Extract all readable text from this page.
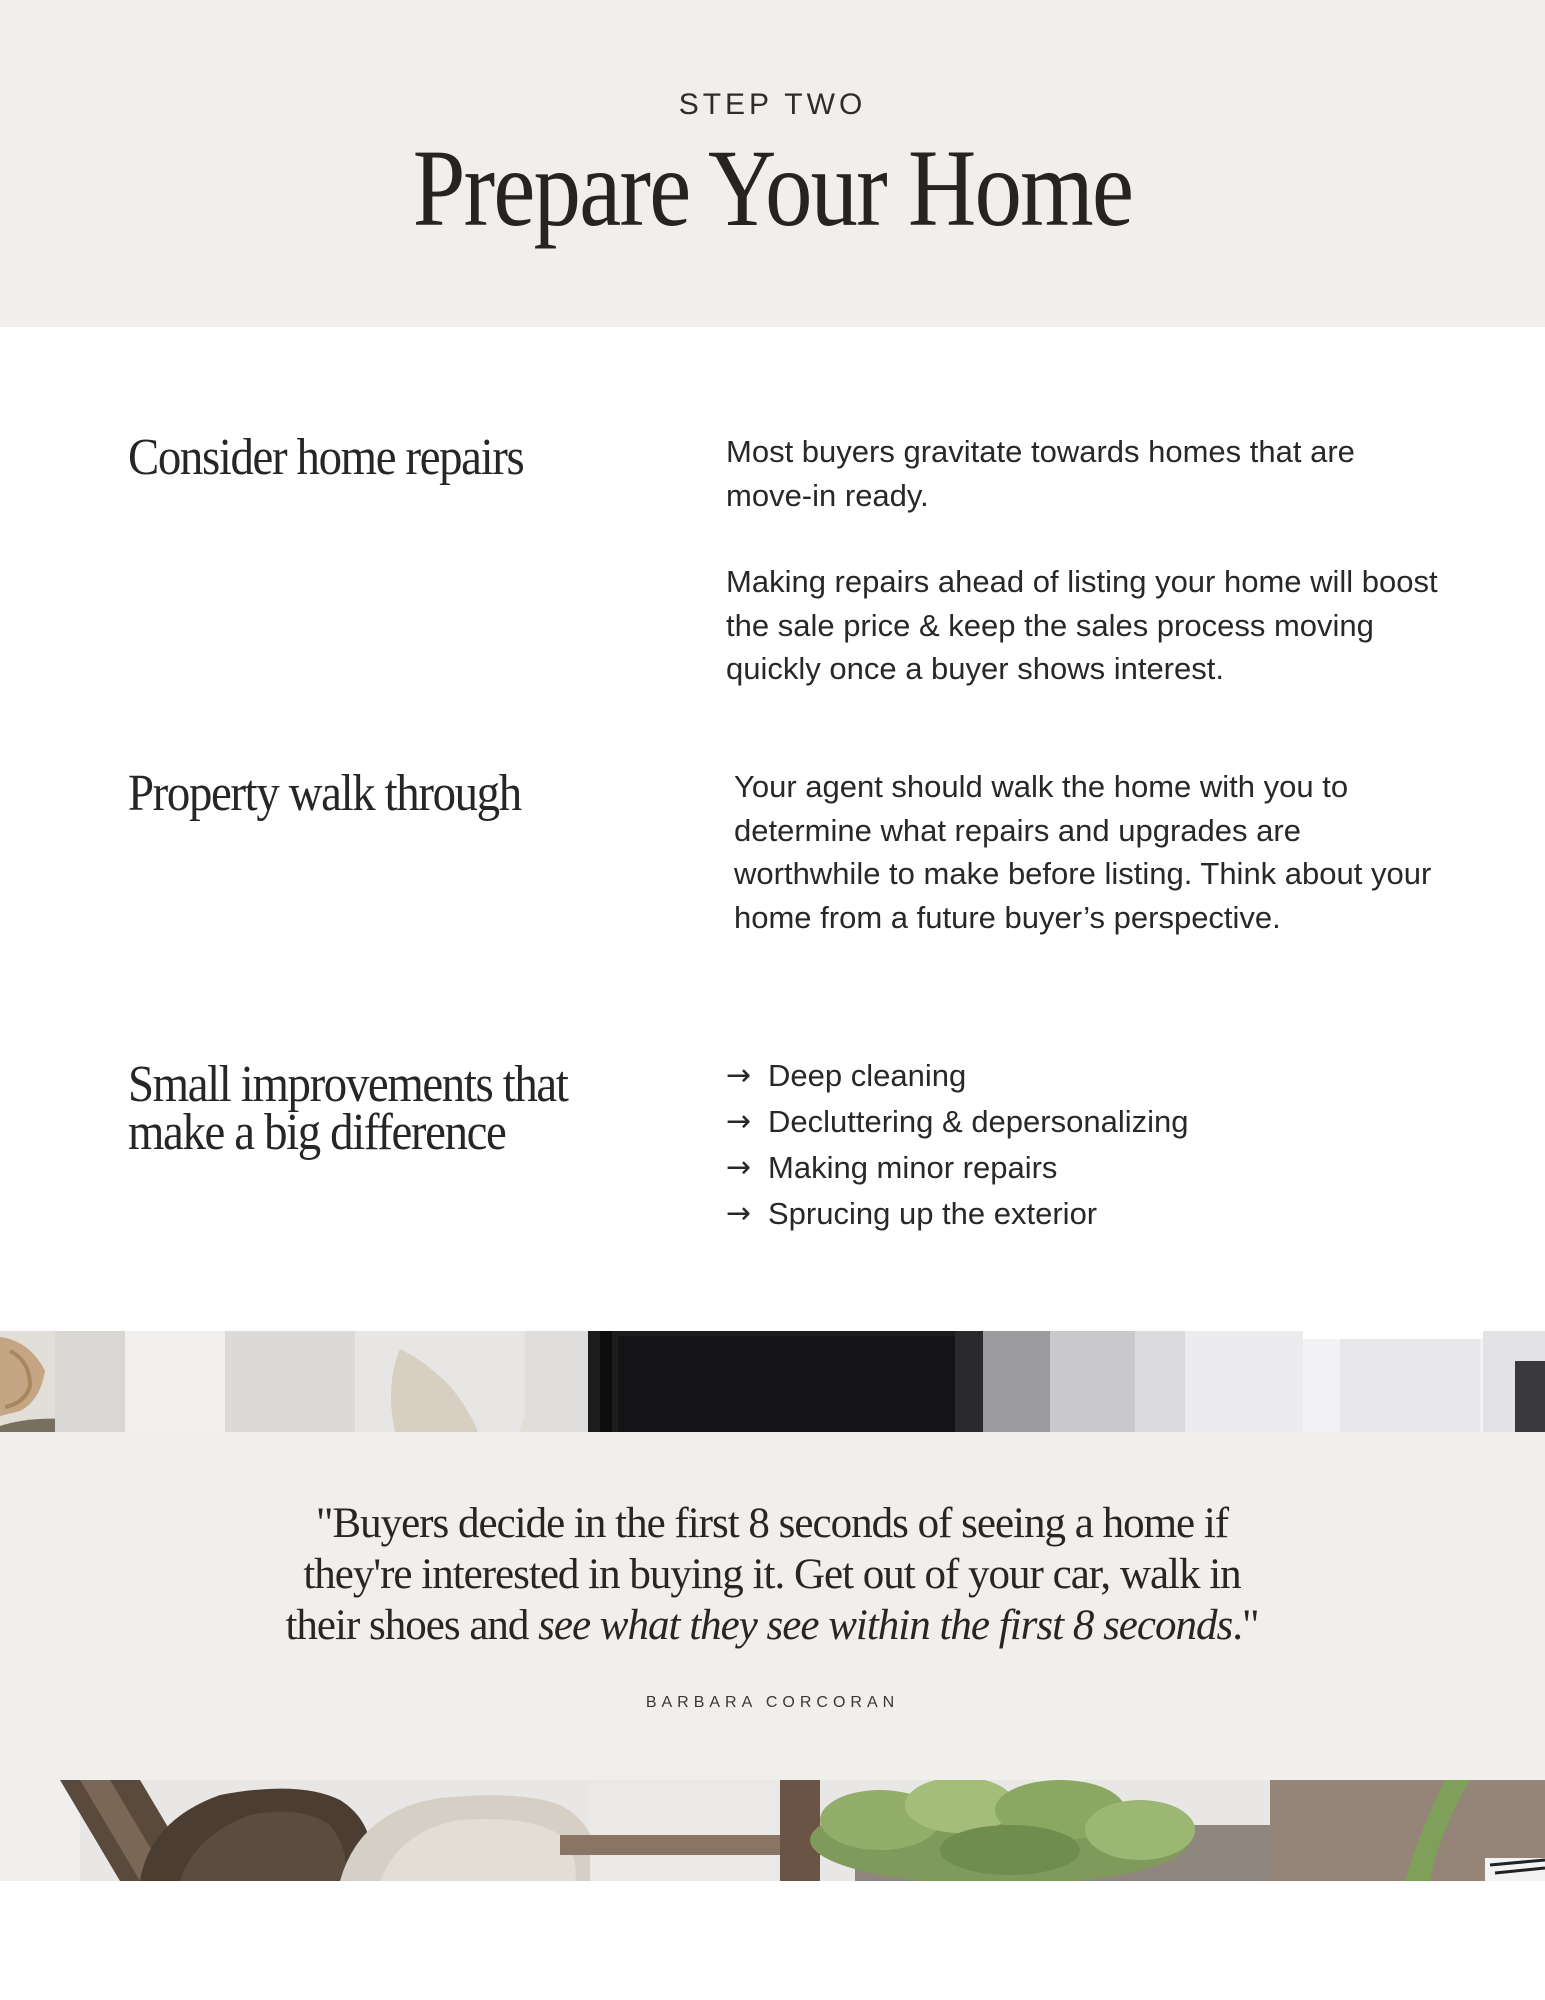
STEP TWO
Prepare Your Home
Consider home repairs	Most buyers gravitate towards homes that are move-in ready.

Making repairs ahead of listing your home will boost the sale price & keep the sales process moving quickly once a buyer shows interest.

Property walk through	Your agent should walk the home with you to determine what repairs and upgrades are worthwhile to make before listing. Think about your home from a future buyer’s perspective.

Small improvements that make a big difference
→ Deep cleaning
→ Decluttering & depersonalizing
→ Making minor repairs
→ Sprucing up the exterior
"Buyers decide in the first 8 seconds of seeing a home if they're interested in buying it. Get out of your car, walk in their shoes and see what they see within the first 8 seconds."
BARBARA CORCORAN
